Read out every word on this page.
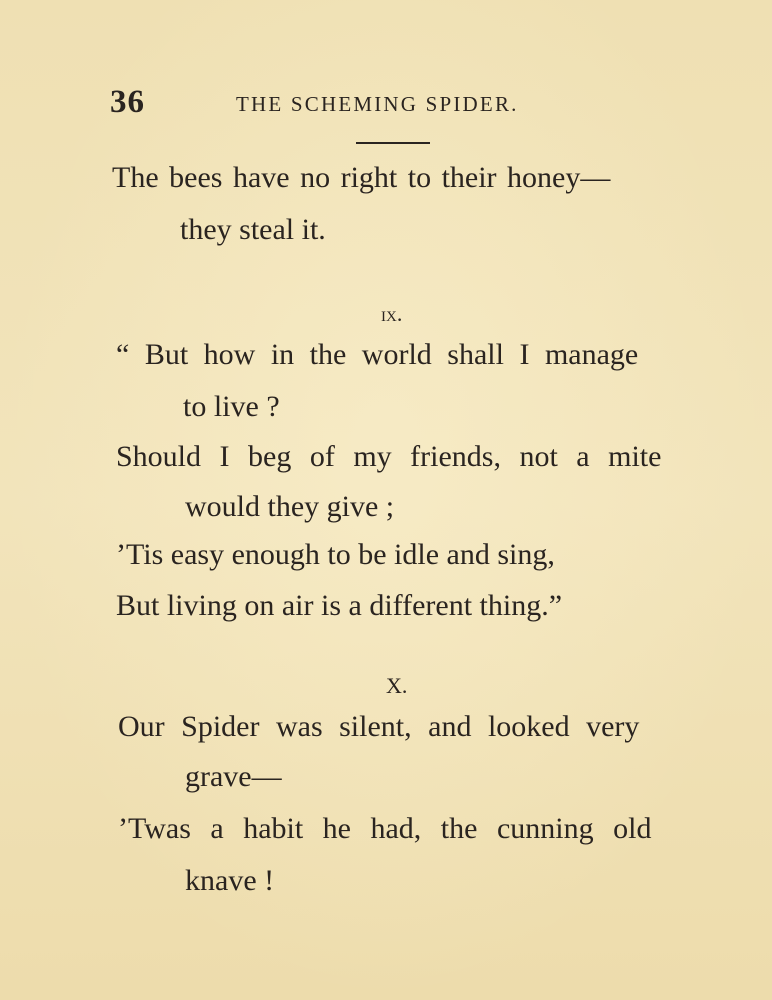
36	THE SCHEMING SPIDER.
The bees have no right to their honey—
they steal it.
ix.
“ But how in the world shall I manage
to live ?
Should I beg of my friends, not a mite
would they give ;
’Tis easy enough to be idle and sing,
But living on air is a different thing.”
X.
Our Spider was silent, and looked very
grave—
’Twas a habit he had, the cunning old
knave !
